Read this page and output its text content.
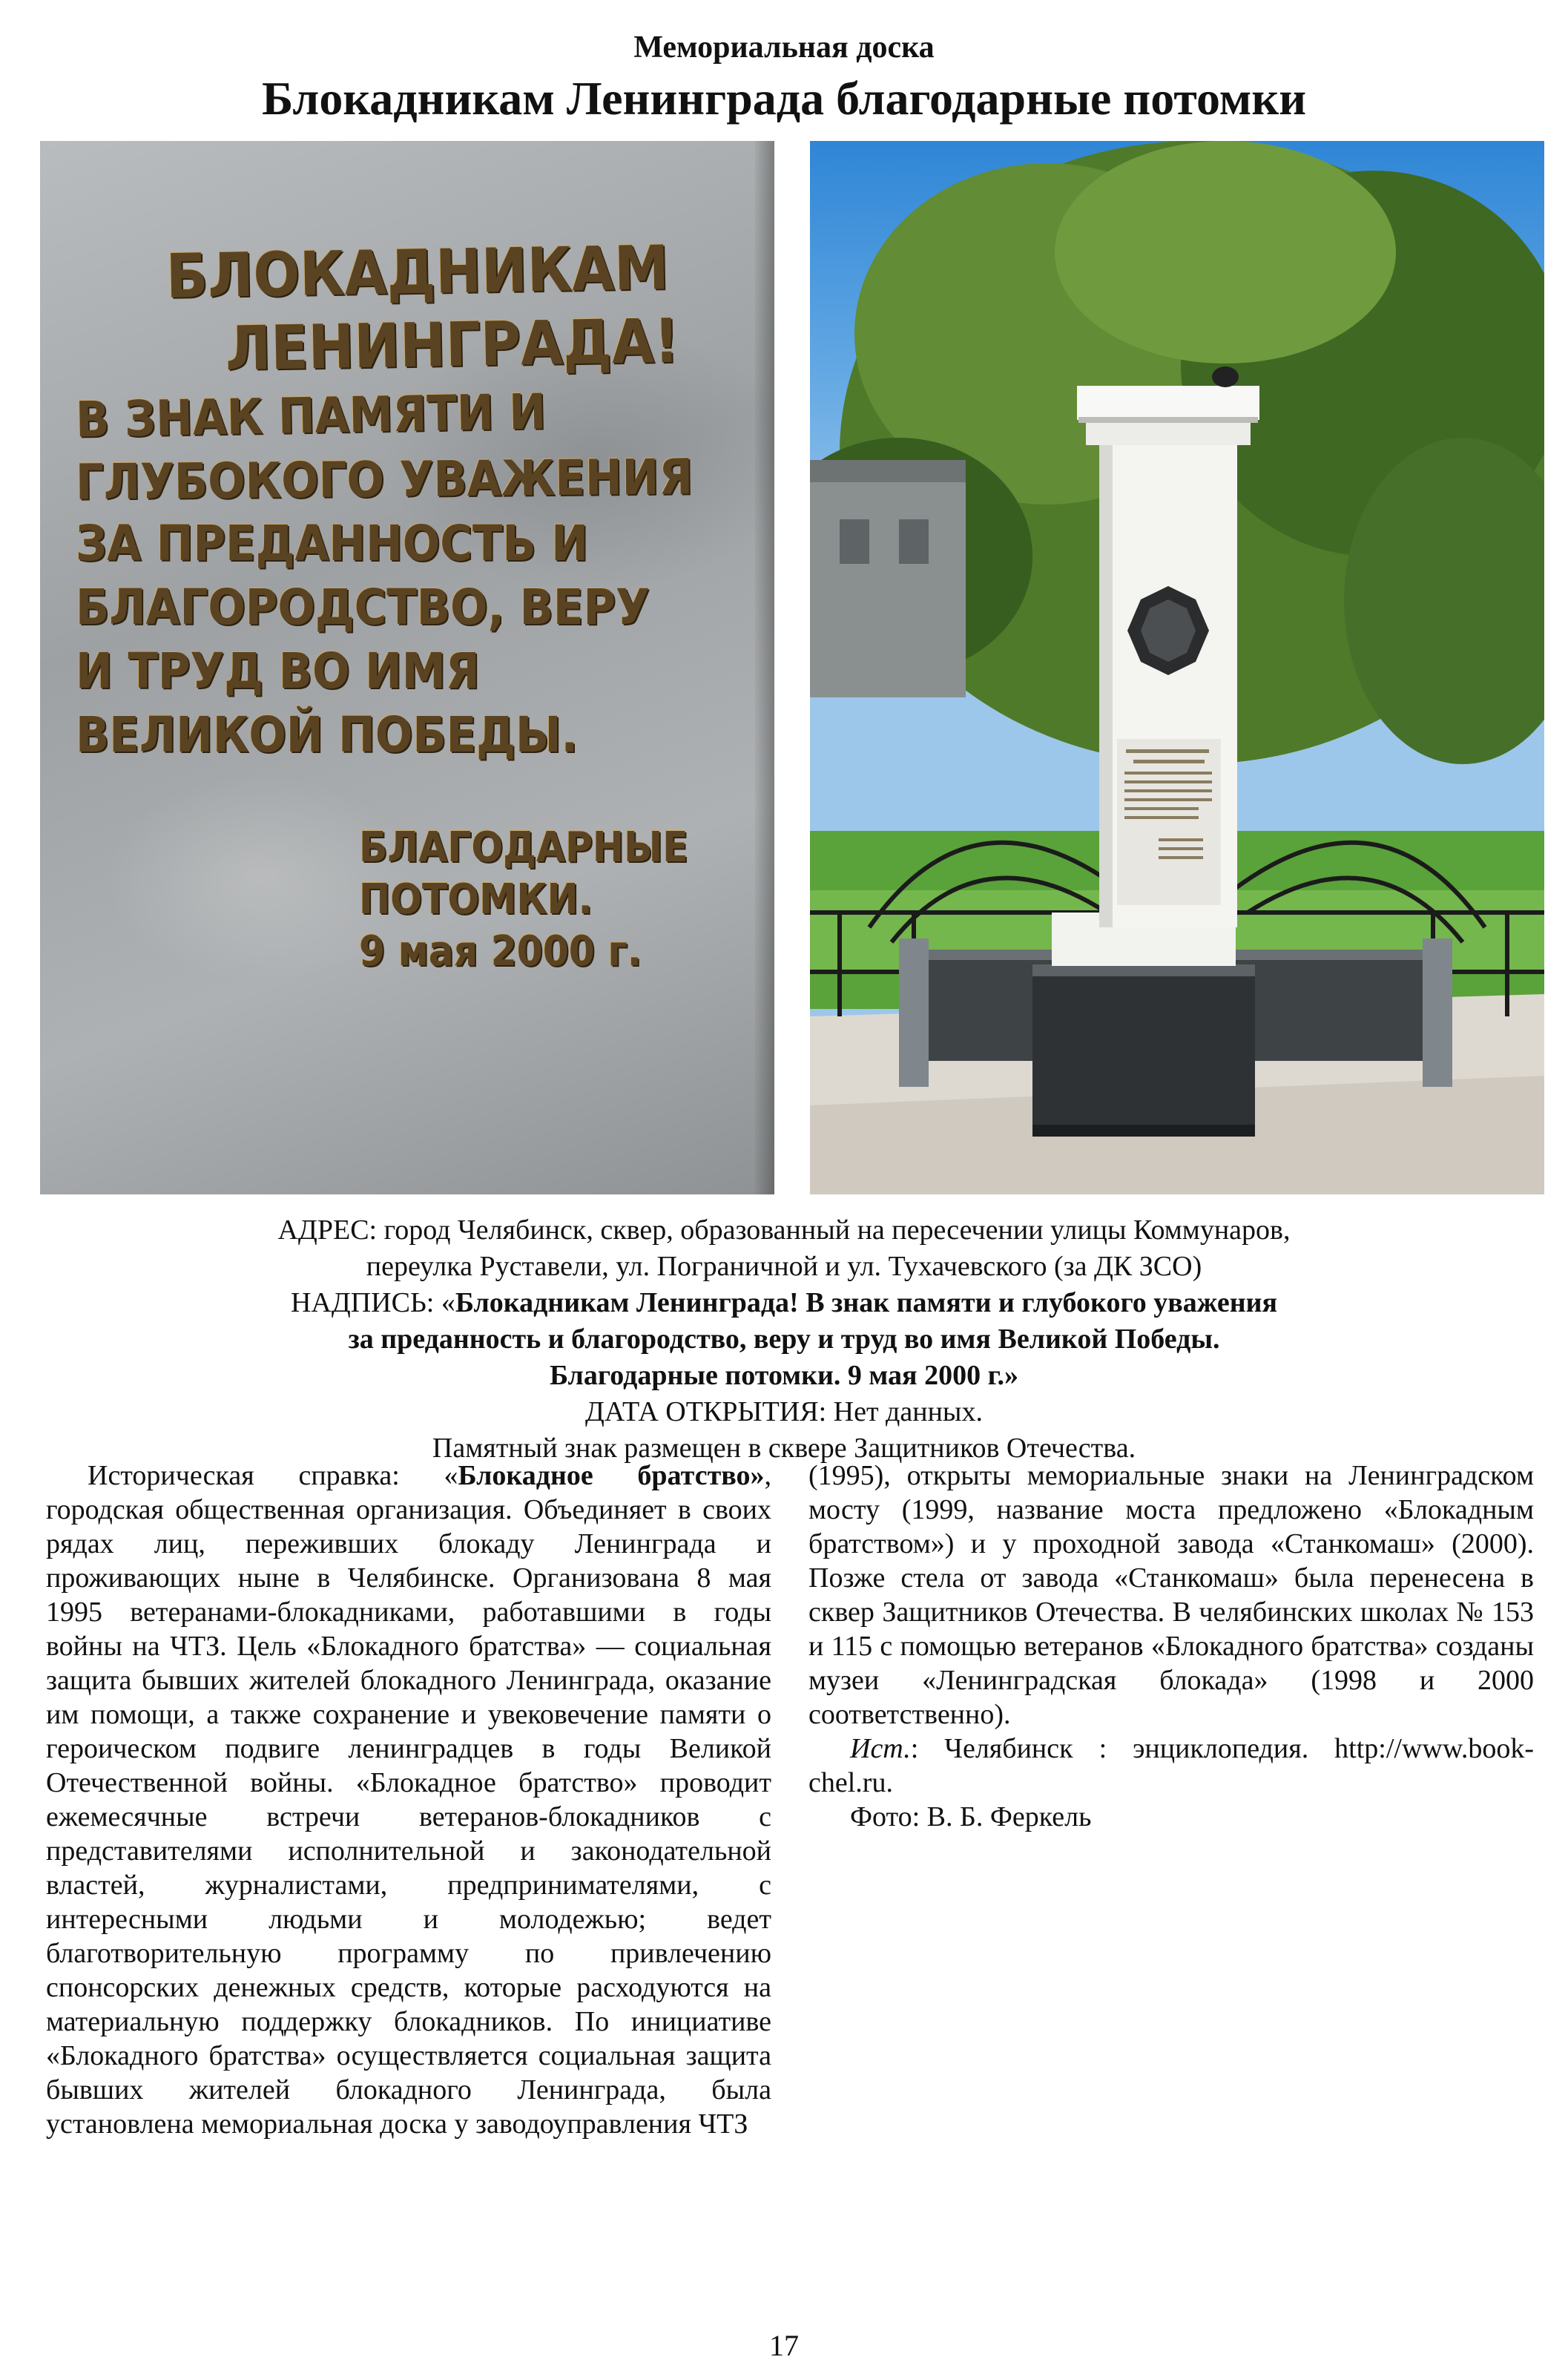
Мемориальная доска
Блокадникам Ленинграда благодарные потомки
БЛОКАДНИКАМ
ЛЕНИНГРАДА!
В ЗНАК ПАМЯТИ И
ГЛУБОКОГО УВАЖЕНИЯ
ЗА ПРЕДАННОСТЬ И
БЛАГОРОДСТВО, ВЕРУ
И ТРУД ВО ИМЯ
ВЕЛИКОЙ ПОБЕДЫ.
БЛАГОДАРНЫЕ
ПОТОМКИ.
9 мая 2000 г.
АДРЕС: город Челябинск, сквер, образованный на пересечении улицы Коммунаров,
переулка Руставели, ул. Пограничной и ул. Тухачевского (за ДК ЗСО)
НАДПИСЬ: «Блокадникам Ленинграда! В знак памяти и глубокого уважения
за преданность и благородство, веру и труд во имя Великой Победы.
Благодарные потомки. 9 мая 2000 г.»
ДАТА ОТКРЫТИЯ: Нет данных.
Памятный знак размещен в сквере Защитников Отечества.

Историческая справка: «Блокадное братство», городская общественная организация. Объединяет в своих рядах лиц, переживших блокаду Ленинграда и проживающих ныне в Челябинске. Организована 8 мая 1995 ветеранами-блокадниками, работавшими в годы войны на ЧТЗ. Цель «Блокадного братства» — социальная защита бывших жителей блокадного Ленинграда, оказание им помощи, а также сохранение и увековечение памяти о героическом подвиге ленинградцев в годы Великой Отечественной войны. «Блокадное братство» проводит ежемесячные встречи ветеранов-блокадников с представителями исполнительной и законодательной властей, журналистами, предпринимателями, с интересными людьми и молодежью; ведет благотворительную программу по привлечению спонсорских денежных средств, которые расходуются на материальную поддержку блокадников. По инициативе «Блокадного братства» осуществляется социальная защита бывших жителей блокадного Ленинграда, была установлена мемориальная доска у заводоуправления ЧТЗ

(1995), открыты мемориальные знаки на Ленинградском мосту (1999, название моста предложено «Блокадным братством») и у проходной завода «Станкомаш» (2000). Позже стела от завода «Станкомаш» была перенесена в сквер Защитников Отечества. В челябинских школах № 153 и 115 с помощью ветеранов «Блокадного братства» созданы музеи «Ленинградская блокада» (1998 и 2000 соответственно).

Ист.: Челябинск : энциклопедия. http://www.book-chel.ru.

Фото: В. Б. Феркель

17
